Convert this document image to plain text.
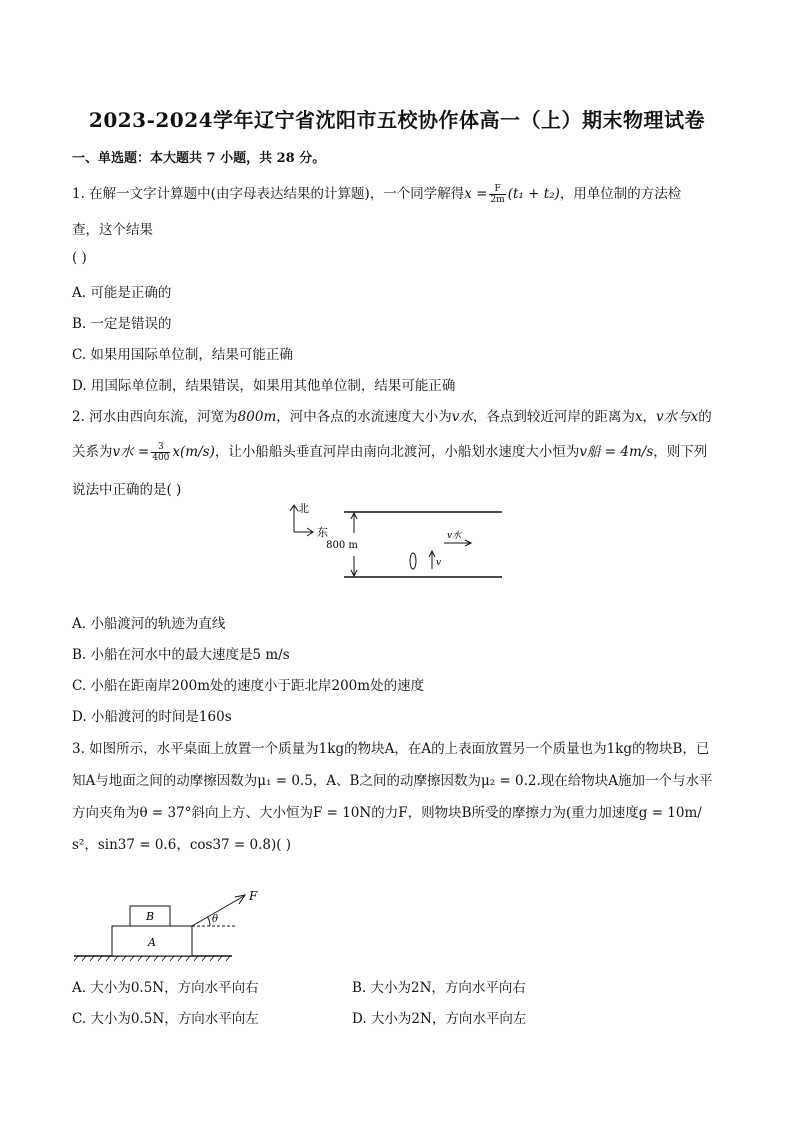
2023-2024学年辽宁省沈阳市五校协作体高一（上）期末物理试卷
一、单选题：本大题共 7 小题，共 28 分。
1. 在解一文字计算题中(由字母表达结果的计算题)，一个同学解得$x = \frac{F}{2m} (t_1 + t_2)$，用单位制的方法检
查，这个结果
( )
A. 可能是正确的
B. 一定是错误的
C. 如果用国际单位制，结果可能正确
D. 用国际单位制，结果错误，如果用其他单位制，结果可能正确
2. 河水由西向东流，河宽为800m，河中各点的水流速度大小为v水，各点到较近河岸的距离为x，v水与x的
关系为v水 = $\frac{3}{400} x(m/s)$，让小船船头垂直河岸由南向北渡河，小船划水速度大小恒为v船 = 4m/s，则下列
说法中正确的是( )
北
东
800 m
v水
v
A. 小船渡河的轨迹为直线
B. 小船在河水中的最大速度是5 m/s
C. 小船在距南岸200m处的速度小于距北岸200m处的速度
D. 小船渡河的时间是160s
3. 如图所示，水平桌面上放置一个质量为1kg的物块A，在A的上表面放置另一个质量也为1kg的物块B，已
知A与地面之间的动摩擦因数为μ₁ = 0.5，A、B之间的动摩擦因数为μ₂ = 0.2.现在给物块A施加一个与水平
方向夹角为θ = 37°斜向上方、大小恒为F = 10N的力F，则物块B所受的摩擦力为(重力加速度g = 10m/
s²，sin37 = 0.6，cos37 = 0.8)( )
A
B
F
θ
A. 大小为0.5N，方向水平向右	B. 大小为2N，方向水平向右
C. 大小为0.5N，方向水平向左	D. 大小为2N，方向水平向左
